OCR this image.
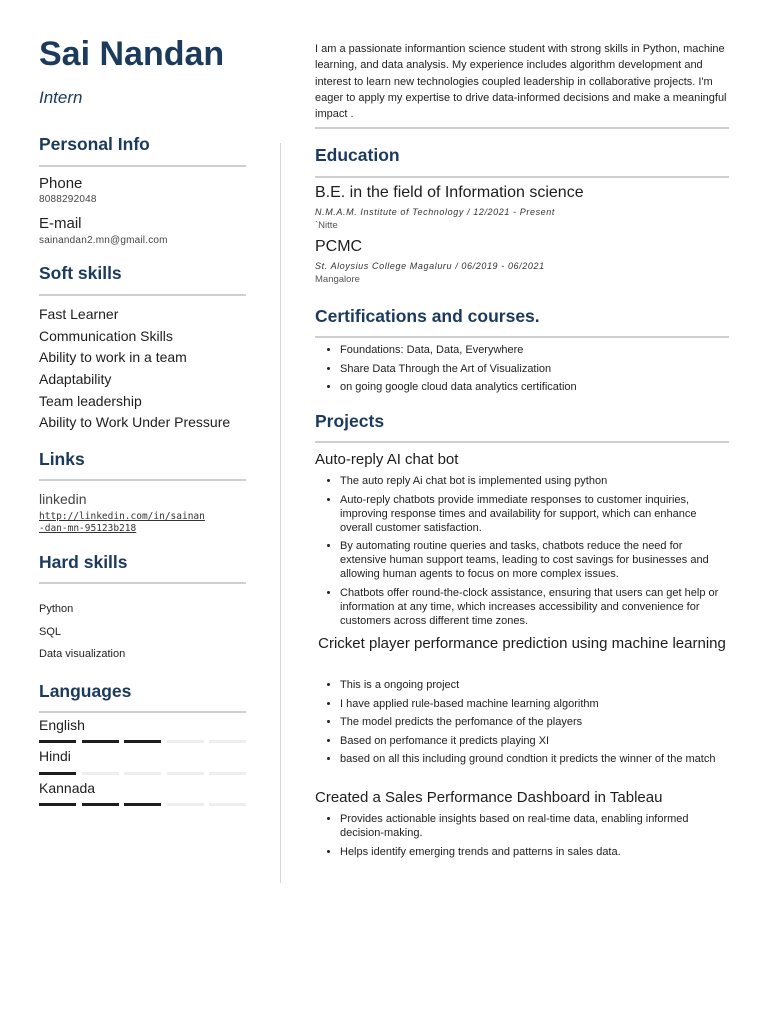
Sai Nandan
Intern
Personal Info
Phone
8088292048
E-mail
sainandan2.mn@gmail.com
Soft skills
Fast Learner
Communication Skills
Ability to work in a team
Adaptability
Team leadership
Ability to Work Under Pressure
Links
linkedin
http://linkedin.com/in/sainan-dan-mn-95123b218
Hard skills
Python
SQL
Data visualization
Languages
English
Hindi
Kannada
I am a passionate informantion science student with strong skills in Python, machine learning, and data analysis. My experience includes algorithm development and interest to learn new technologies coupled leadership in collaborative projects. I'm eager to apply my expertise to drive data-informed decisions and make a meaningful impact .
Education
B.E. in the field of Information science
N.M.A.M. Institute of Technology / 12/2021 - Present
`Nitte
PCMC
St. Aloysius College Magaluru / 06/2019 - 06/2021
Mangalore
Certifications and courses.
• Foundations: Data, Data, Everywhere
• Share Data Through the Art of Visualization
• on going google cloud data analytics certification
Projects
Auto-reply AI chat bot
• The auto reply Ai chat bot is implemented using python
• Auto-reply chatbots provide immediate responses to customer inquiries, improving response times and availability for support, which can enhance overall customer satisfaction.
• By automating routine queries and tasks, chatbots reduce the need for extensive human support teams, leading to cost savings for businesses and allowing human agents to focus on more complex issues.
• Chatbots offer round-the-clock assistance, ensuring that users can get help or information at any time, which increases accessibility and convenience for customers across different time zones.
Cricket player performance prediction using machine learning
• This is a ongoing project
• I have applied rule-based machine learning algorithm
• The model predicts the perfomance of the players
• Based on perfomance it predicts playing XI
• based on all this including ground condtion it predicts the winner of the match
Created a Sales Performance Dashboard in Tableau
• Provides actionable insights based on real-time data, enabling informed decision-making.
• Helps identify emerging trends and patterns in sales data.
